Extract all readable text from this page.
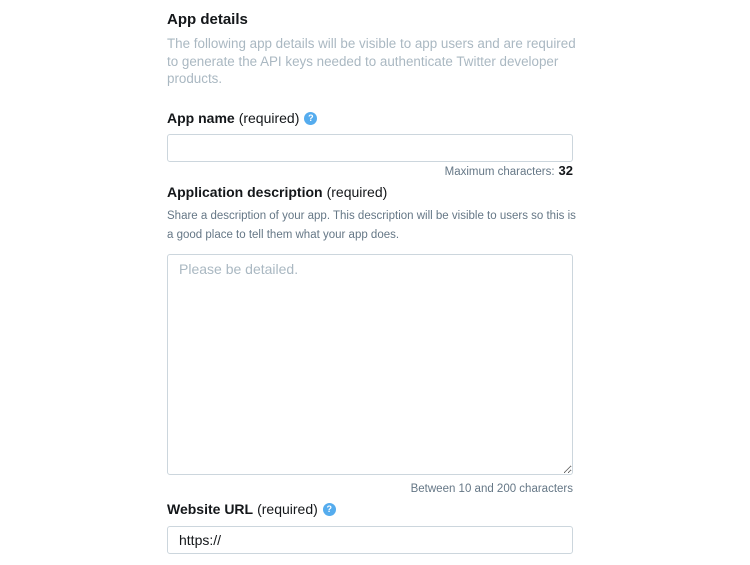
App details

The following app details will be visible to app users and are required to generate the API keys needed to authenticate Twitter developer products.

App name (required) ?
Maximum characters: 32
Application description (required)

Share a description of your app. This description will be visible to users so this is a good place to tell them what your app does.

Please be detailed.
Between 10 and 200 characters
Website URL (required) ?
https://
